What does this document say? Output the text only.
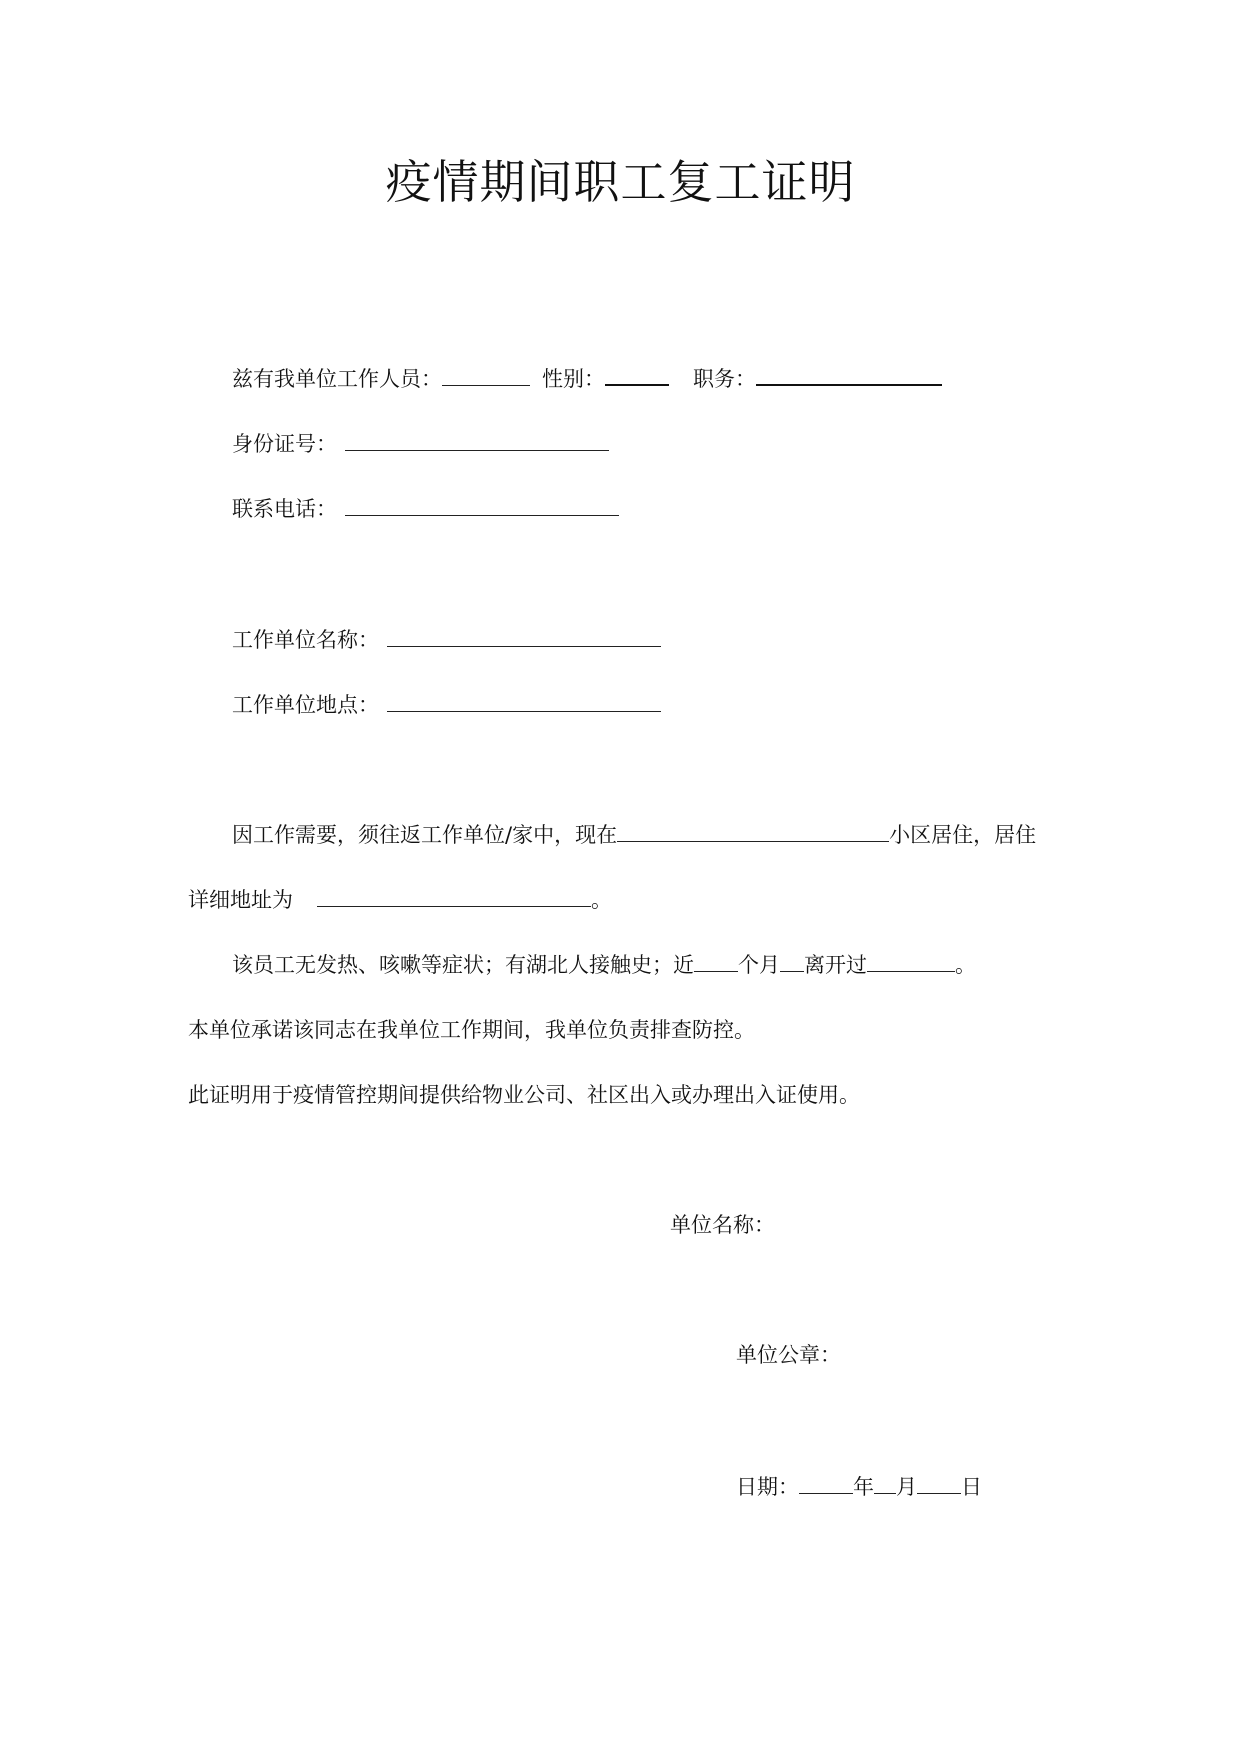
疫情期间职工复工证明
兹有我单位工作人员：	性别：	职务：
身份证号：
联系电话：
工作单位名称：
工作单位地点：
因工作需要，须往返工作单位/家中，现在	小区居住，居住
详细地址为	。
该员工无发热、咳嗽等症状；有湖北人接触史；近 个月 离开过	。
本单位承诺该同志在我单位工作期间，我单位负责排查防控。
此证明用于疫情管控期间提供给物业公司、社区出入或办理出入证使用。
单位名称：
单位公章：
日期：	年 月 日
